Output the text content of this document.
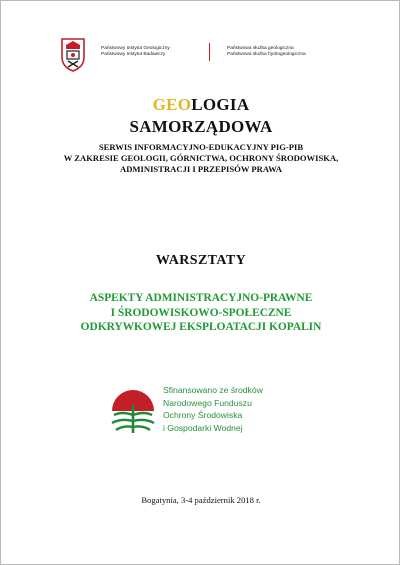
Państwowy Instytut Geologiczny
Państwowy Instytut Badawczy
Państwowa służba geologiczna
Państwowa służba hydrogeologiczna
GEOLOGIA
SAMORZĄDOWA
SERWIS INFORMACYJNO-EDUKACYJNY PIG-PIB
W ZAKRESIE GEOLOGII, GÓRNICTWA, OCHRONY ŚRODOWISKA,
ADMINISTRACJI I PRZEPISÓW PRAWA
WARSZTATY
ASPEKTY ADMINISTRACYJNO-PRAWNE
I ŚRODOWISKOWO-SPOŁECZNE
ODKRYWKOWEJ EKSPLOATACJI KOPALIN
Sfinansowano ze środków
Narodowego Funduszu
Ochrony Środowiska
i Gospodarki Wodnej
Bogatynia, 3-4 październik 2018 r.
